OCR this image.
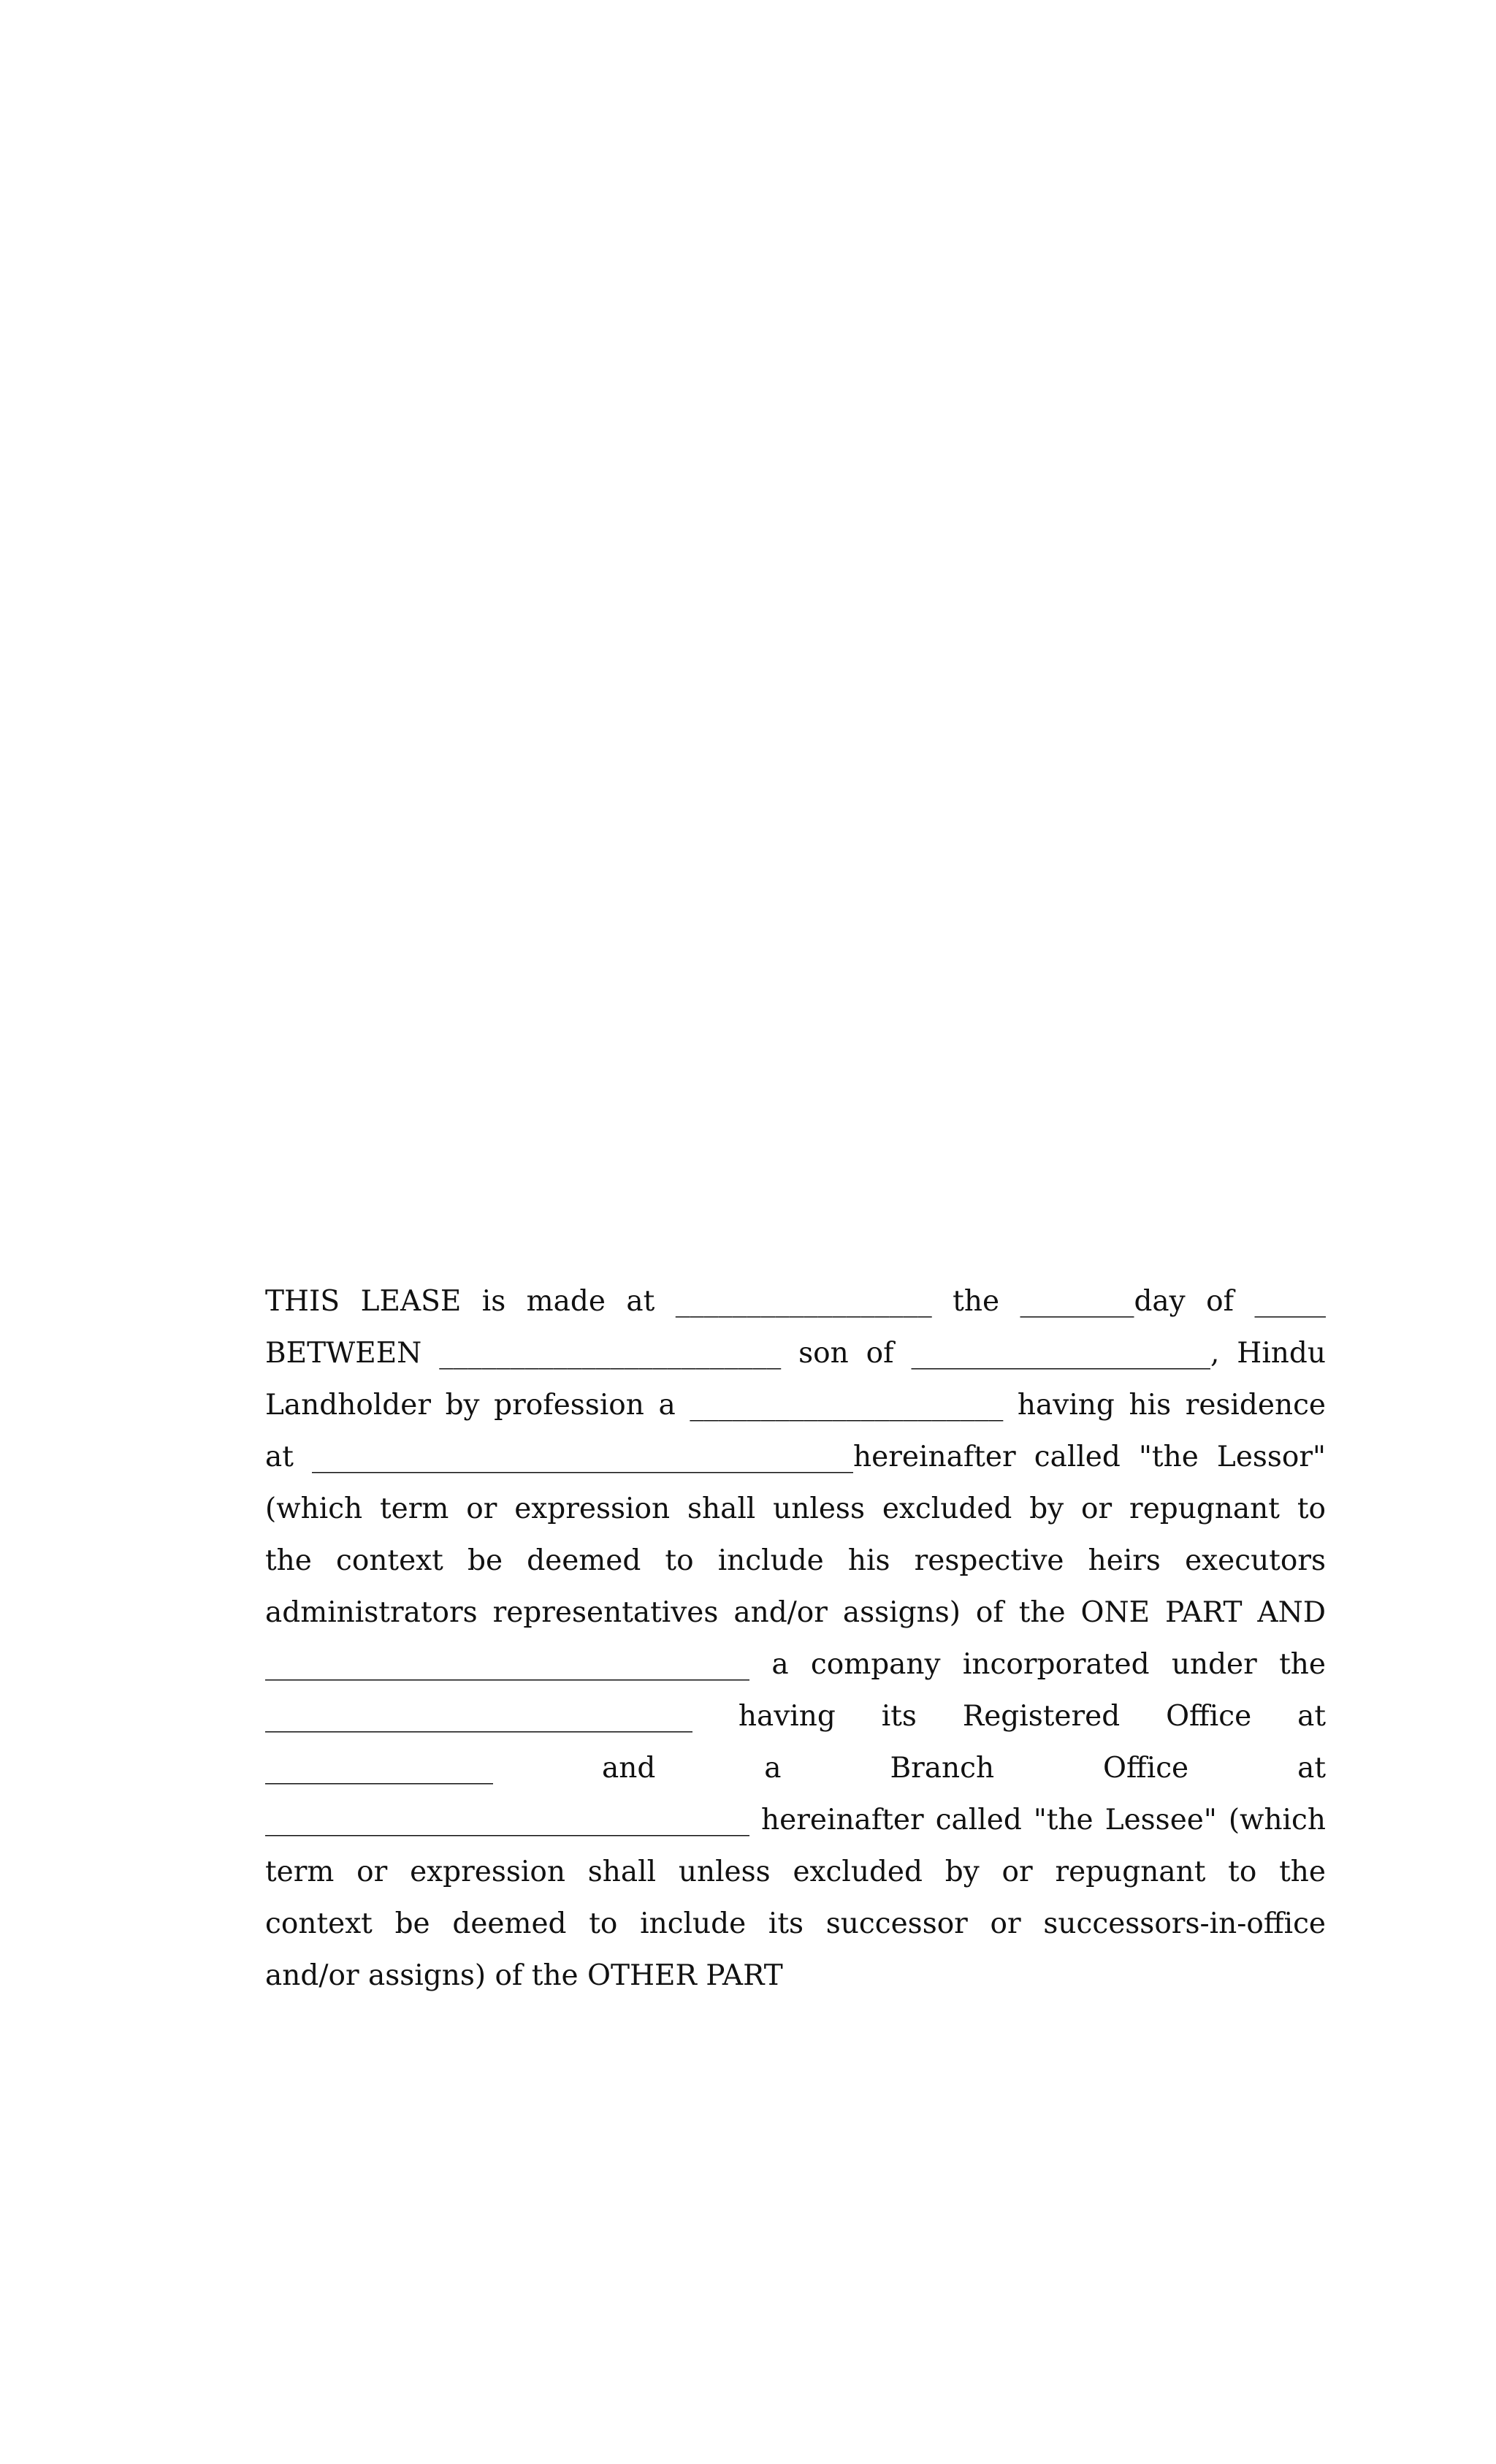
THIS LEASE is made at __________________ the ________day of _____
BETWEEN ________________________ son of _____________________, Hindu
Landholder by profession a ______________________ having his residence
at ______________________________________hereinafter called "the Lessor"
(which term or expression shall unless excluded by or repugnant to
the context be deemed to include his respective heirs executors
administrators representatives and/or assigns) of the ONE PART AND
__________________________________ a company incorporated under the
______________________________ having its Registered Office at
________________ and a Branch Office at
__________________________________ hereinafter called "the Lessee" (which
term or expression shall unless excluded by or repugnant to the
context be deemed to include its successor or successors-in-office
and/or assigns) of the OTHER PART
